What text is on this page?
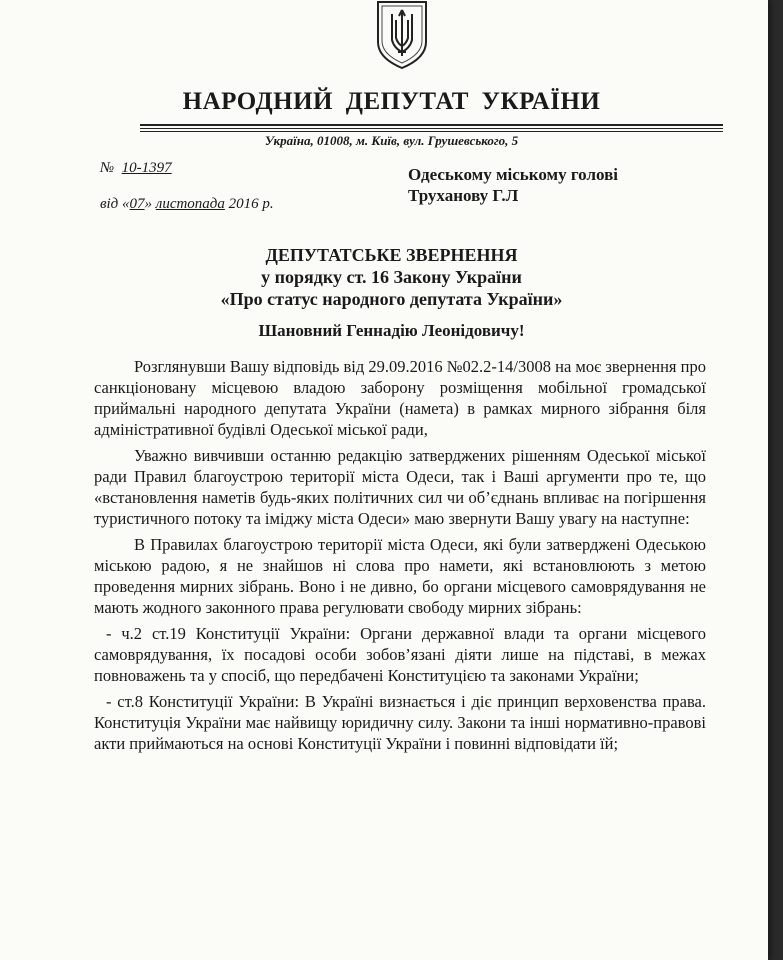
НАРОДНИЙ ДЕПУТАТ УКРАЇНИ
Україна, 01008, м. Київ, вул. Грушевського, 5
№ 10-1397
від «07» листопада 2016 р.
Одеському міському голові
Труханову Г.Л
ДЕПУТАТСЬКЕ ЗВЕРНЕННЯ
у порядку ст. 16 Закону України
«Про статус народного депутата України»
Шановний Геннадію Леонідовичу!

Розглянувши Вашу відповідь від 29.09.2016 №02.2-14/3008 на моє звернення про санкціоновану місцевою владою заборону розміщення мобільної громадської приймальні народного депутата України (намета) в рамках мирного зібрання біля адміністративної будівлі Одеської міської ради,

Уважно вивчивши останню редакцію затверджених рішенням Одеської міської ради Правил благоустрою території міста Одеси, так і Ваші аргументи про те, що «встановлення наметів будь-яких політичних сил чи об’єднань впливає на погіршення туристичного потоку та іміджу міста Одеси» маю звернути Вашу увагу на наступне:

В Правилах благоустрою території міста Одеси, які були затверджені Одеською міською радою, я не знайшов ні слова про намети, які встановлюють з метою проведення мирних зібрань. Воно і не дивно, бо органи місцевого самоврядування не мають жодного законного права регулювати свободу мирних зібрань:

- ч.2 ст.19 Конституції України: Органи державної влади та органи місцевого самоврядування, їх посадові особи зобов’язані діяти лише на підставі, в межах повноважень та у спосіб, що передбачені Конституцією та законами України;

- ст.8 Конституції України: В Україні визнається і діє принцип верховенства права. Конституція України має найвищу юридичну силу. Закони та інші нормативно-правові акти приймаються на основі Конституції України і повинні відповідати їй;
